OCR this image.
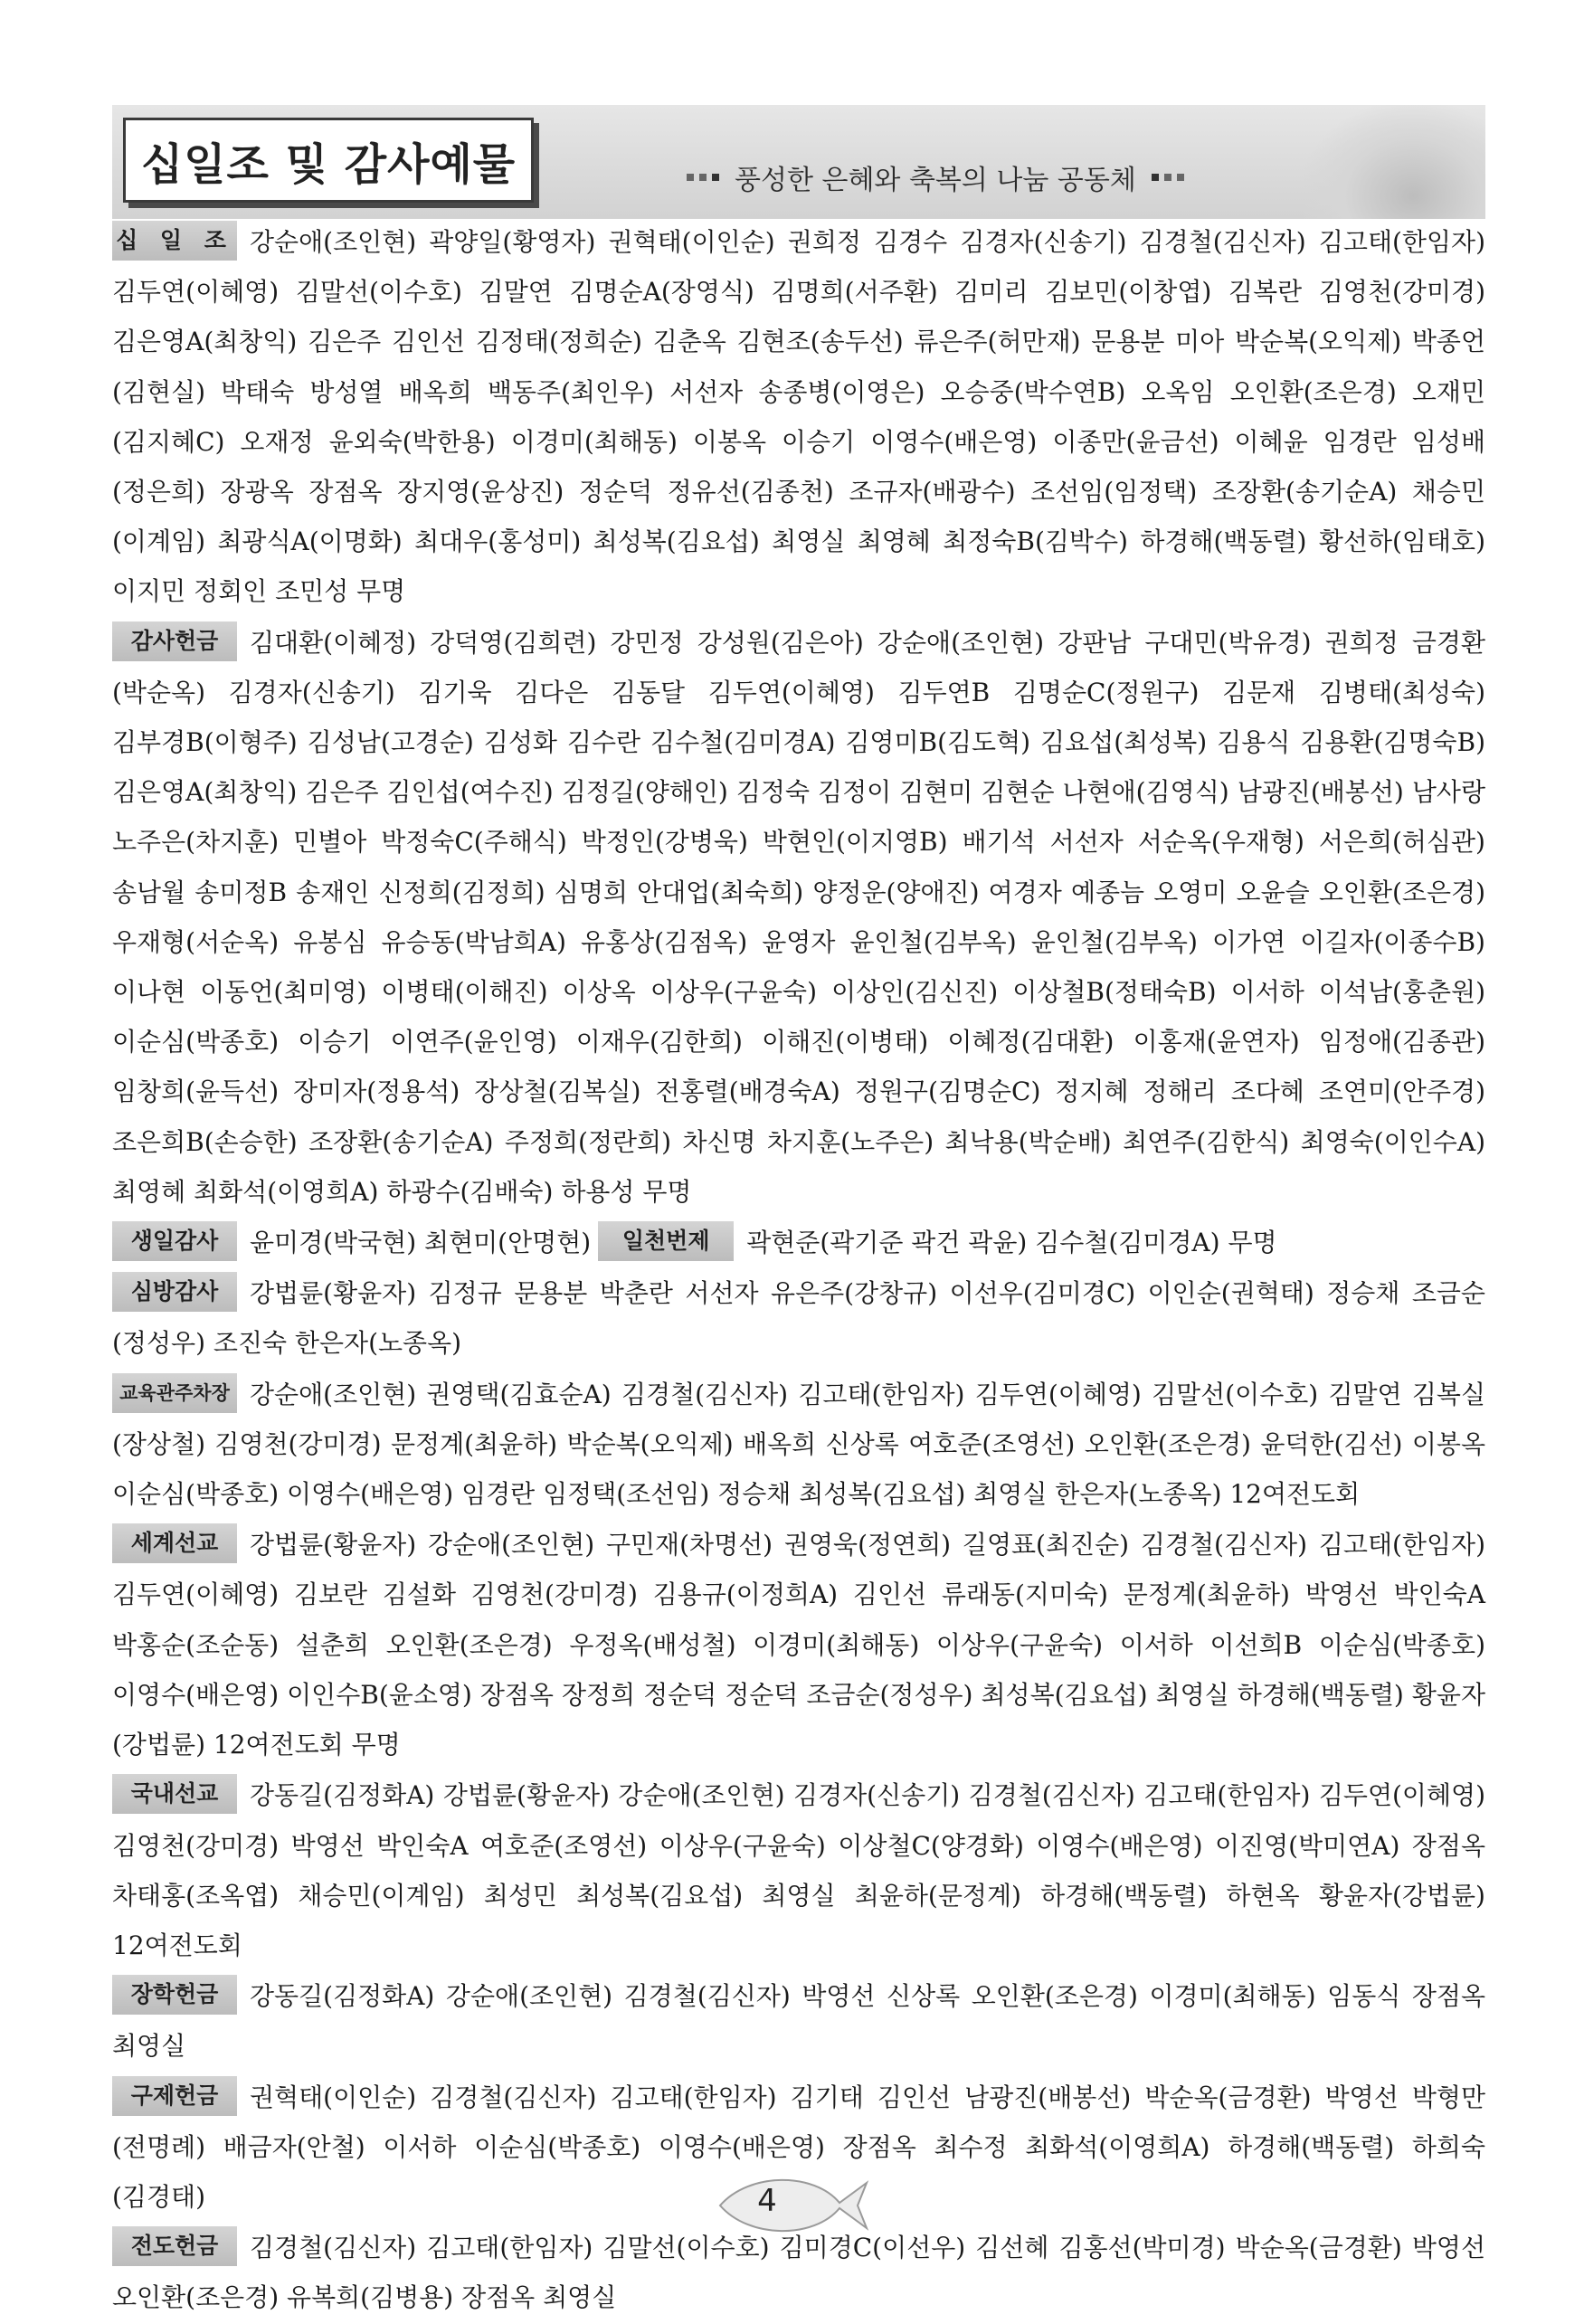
십일조 및 감사예물	풍성한 은혜와 축복의 나눔 공동체

십 일 조 강순애(조인현) 곽양일(황영자) 권혁태(이인순) 권희정 김경수 김경자(신송기) 김경철(김신자) 김고태(한임자) 김두연(이혜영) 김말선(이수호) 김말연 김명순A(장영식) 김명희(서주환) 김미리 김보민(이창엽) 김복란 김영천(강미경) 김은영A(최창익) 김은주 김인선 김정태(정희순) 김춘옥 김현조(송두선) 류은주(허만재) 문용분 미아 박순복(오익제) 박종언(김현실) 박태숙 방성열 배옥희 백동주(최인우) 서선자 송종병(이영은) 오승중(박수연B) 오옥임 오인환(조은경) 오재민(김지혜C) 오재정 윤외숙(박한용) 이경미(최해동) 이봉옥 이승기 이영수(배은영) 이종만(윤금선) 이혜윤 임경란 임성배(정은희) 장광옥 장점옥 장지영(윤상진) 정순덕 정유선(김종천) 조규자(배광수) 조선임(임정택) 조장환(송기순A) 채승민(이계임) 최광식A(이명화) 최대우(홍성미) 최성복(김요섭) 최영실 최영혜 최정숙B(김박수) 하경해(백동렬) 황선하(임태호) 이지민 정회인 조민성 무명

감사헌금 김대환(이혜정) 강덕영(김희련) 강민정 강성원(김은아) 강순애(조인현) 강판남 구대민(박유경) 권희정 금경환(박순옥) 김경자(신송기) 김기욱 김다은 김동달 김두연(이혜영) 김두연B 김명순C(정원구) 김문재 김병태(최성숙) 김부경B(이형주) 김성남(고경순) 김성화 김수란 김수철(김미경A) 김영미B(김도혁) 김요섭(최성복) 김용식 김용환(김명숙B) 김은영A(최창익) 김은주 김인섭(여수진) 김정길(양해인) 김정숙 김정이 김현미 김현순 나현애(김영식) 남광진(배봉선) 남사랑 노주은(차지훈) 민별아 박정숙C(주해식) 박정인(강병욱) 박현인(이지영B) 배기석 서선자 서순옥(우재형) 서은희(허심관) 송남월 송미정B 송재인 신정희(김정희) 심명희 안대업(최숙희) 양정운(양애진) 여경자 예종늠 오영미 오윤슬 오인환(조은경) 우재형(서순옥) 유봉심 유승동(박남희A) 유홍상(김점옥) 윤영자 윤인철(김부옥) 윤인철(김부옥) 이가연 이길자(이종수B) 이나현 이동언(최미영) 이병태(이해진) 이상옥 이상우(구윤숙) 이상인(김신진) 이상철B(정태숙B) 이서하 이석남(홍춘원) 이순심(박종호) 이승기 이연주(윤인영) 이재우(김한희) 이해진(이병태) 이혜정(김대환) 이홍재(윤연자) 임정애(김종관) 임창희(윤득선) 장미자(정용석) 장상철(김복실) 전홍렬(배경숙A) 정원구(김명순C) 정지혜 정해리 조다혜 조연미(안주경) 조은희B(손승한) 조장환(송기순A) 주정희(정란희) 차신명 차지훈(노주은) 최낙용(박순배) 최연주(김한식) 최영숙(이인수A) 최영혜 최화석(이영희A) 하광수(김배숙) 하용성 무명

생일감사 윤미경(박국현) 최현미(안명현) 일천번제 곽현준(곽기준 곽건 곽윤) 김수철(김미경A) 무명

심방감사 강법륜(황윤자) 김정규 문용분 박춘란 서선자 유은주(강창규) 이선우(김미경C) 이인순(권혁태) 정승채 조금순(정성우) 조진숙 한은자(노종옥)

교육관주차장 강순애(조인현) 권영택(김효순A) 김경철(김신자) 김고태(한임자) 김두연(이혜영) 김말선(이수호) 김말연 김복실(장상철) 김영천(강미경) 문정계(최윤하) 박순복(오익제) 배옥희 신상록 여호준(조영선) 오인환(조은경) 윤덕한(김선) 이봉옥 이순심(박종호) 이영수(배은영) 임경란 임정택(조선임) 정승채 최성복(김요섭) 최영실 한은자(노종옥) 12여전도회

세계선교 강법륜(황윤자) 강순애(조인현) 구민재(차명선) 권영욱(정연희) 길영표(최진순) 김경철(김신자) 김고태(한임자) 김두연(이혜영) 김보란 김설화 김영천(강미경) 김용규(이정희A) 김인선 류래동(지미숙) 문정계(최윤하) 박영선 박인숙A 박홍순(조순동) 설춘희 오인환(조은경) 우정옥(배성철) 이경미(최해동) 이상우(구윤숙) 이서하 이선희B 이순심(박종호) 이영수(배은영) 이인수B(윤소영) 장점옥 장정희 정순덕 정순덕 조금순(정성우) 최성복(김요섭) 최영실 하경해(백동렬) 황윤자(강법륜) 12여전도회 무명

국내선교 강동길(김정화A) 강법륜(황윤자) 강순애(조인현) 김경자(신송기) 김경철(김신자) 김고태(한임자) 김두연(이혜영) 김영천(강미경) 박영선 박인숙A 여호준(조영선) 이상우(구윤숙) 이상철C(양경화) 이영수(배은영) 이진영(박미연A) 장점옥 차태홍(조옥엽) 채승민(이계임) 최성민 최성복(김요섭) 최영실 최윤하(문정계) 하경해(백동렬) 하현옥 황윤자(강법륜) 12여전도회

장학헌금 강동길(김정화A) 강순애(조인현) 김경철(김신자) 박영선 신상록 오인환(조은경) 이경미(최해동) 임동식 장점옥 최영실

구제헌금 권혁태(이인순) 김경철(김신자) 김고태(한임자) 김기태 김인선 남광진(배봉선) 박순옥(금경환) 박영선 박형만(전명례) 배금자(안철) 이서하 이순심(박종호) 이영수(배은영) 장점옥 최수정 최화석(이영희A) 하경해(백동렬) 하희숙(김경태)

전도헌금 김경철(김신자) 김고태(한임자) 김말선(이수호) 김미경C(이선우) 김선혜 김홍선(박미경) 박순옥(금경환) 박영선 오인환(조은경) 유복희(김병용) 장점옥 최영실

4
